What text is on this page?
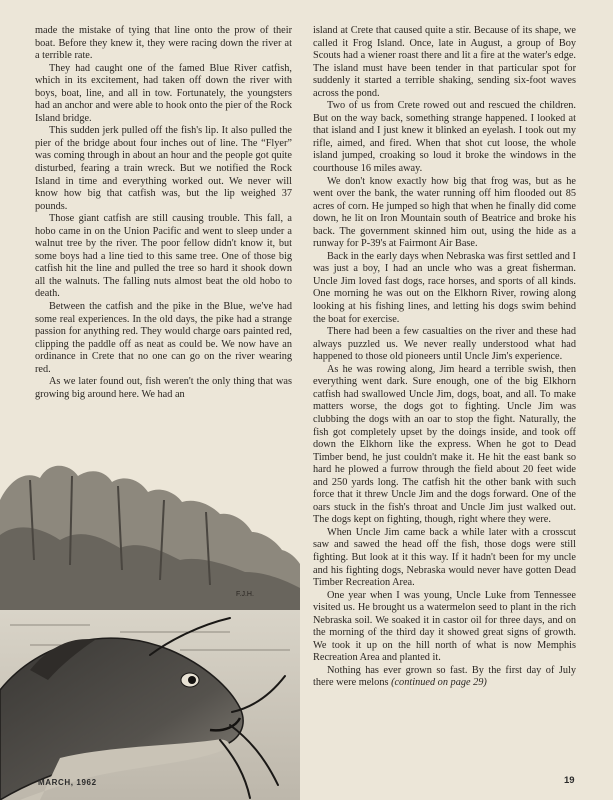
made the mistake of tying that line onto the prow of their boat. Before they knew it, they were racing down the river at a terrible rate.

They had caught one of the famed Blue River catfish, which in its excitement, had taken off down the river with boys, boat, line, and all in tow. Fortunately, the youngsters had an anchor and were able to hook onto the pier of the Rock Island bridge.

This sudden jerk pulled off the fish's lip. It also pulled the pier of the bridge about four inches out of line. The “Flyer” was coming through in about an hour and the people got quite disturbed, fearing a train wreck. But we notified the Rock Island in time and everything worked out. We never will know how big that catfish was, but the lip weighed 37 pounds.

Those giant catfish are still causing trouble. This fall, a hobo came in on the Union Pacific and went to sleep under a walnut tree by the river. The poor fellow didn't know it, but some boys had a line tied to this same tree. One of those big catfish hit the line and pulled the tree so hard it shook down all the walnuts. The falling nuts almost beat the old hobo to death.

Between the catfish and the pike in the Blue, we've had some real experiences. In the old days, the pike had a strange passion for anything red. They would charge oars painted red, clipping the paddle off as neat as could be. We now have an ordinance in Crete that no one can go on the river wearing red.

As we later found out, fish weren't the only thing that was growing big around here. We had an

island at Crete that caused quite a stir. Because of its shape, we called it Frog Island. Once, late in August, a group of Boy Scouts had a wiener roast there and lit a fire at the water's edge. The island must have been tender in that particular spot for suddenly it started a terrible shaking, sending six-foot waves across the pond.

Two of us from Crete rowed out and rescued the children. But on the way back, something strange happened. I looked at that island and I just knew it blinked an eyelash. I took out my rifle, aimed, and fired. When that shot cut loose, the whole island jumped, croaking so loud it broke the windows in the courthouse 16 miles away.

We don't know exactly how big that frog was, but as he went over the bank, the water running off him flooded out 85 acres of corn. He jumped so high that when he finally did come down, he lit on Iron Mountain south of Beatrice and broke his back. The government skinned him out, using the hide as a runway for P-39's at Fairmont Air Base.

Back in the early days when Nebraska was first settled and I was just a boy, I had an uncle who was a great fisherman. Uncle Jim loved fast dogs, race horses, and sports of all kinds. One morning he was out on the Elkhorn River, rowing along looking at his fishing lines, and letting his dogs swim behind the boat for exercise.

There had been a few casualties on the river and these had always puzzled us. We never really understood what had happened to those old pioneers until Uncle Jim's experience.

As he was rowing along, Jim heard a terrible swish, then everything went dark. Sure enough, one of the big Elkhorn catfish had swallowed Uncle Jim, dogs, boat, and all. To make matters worse, the dogs got to fighting. Uncle Jim was clubbing the dogs with an oar to stop the fight. Naturally, the fish got completely upset by the doings inside, and took off down the Elkhorn like the express. When he got to Dead Timber bend, he just couldn't make it. He hit the east bank so hard he plowed a furrow through the field about 20 feet wide and 250 yards long. The catfish hit the other bank with such force that it threw Uncle Jim and the dogs forward. One of the oars stuck in the fish's throat and Uncle Jim just walked out. The dogs kept on fighting, though, right where they were.

When Uncle Jim came back a while later with a crosscut saw and sawed the head off the fish, those dogs were still fighting. But look at it this way. If it hadn't been for my uncle and his fighting dogs, Nebraska would never have gotten Dead Timber Recreation Area.

One year when I was young, Uncle Luke from Tennessee visited us. He brought us a watermelon seed to plant in the rich Nebraska soil. We soaked it in castor oil for three days, and on the morning of the third day it showed great signs of growth. We took it up on the hill north of what is now Memphis Recreation Area and planted it.

Nothing has ever grown so fast. By the first day of July there were melons (continued on page 29)

F.J.H.
MARCH, 1962	19
